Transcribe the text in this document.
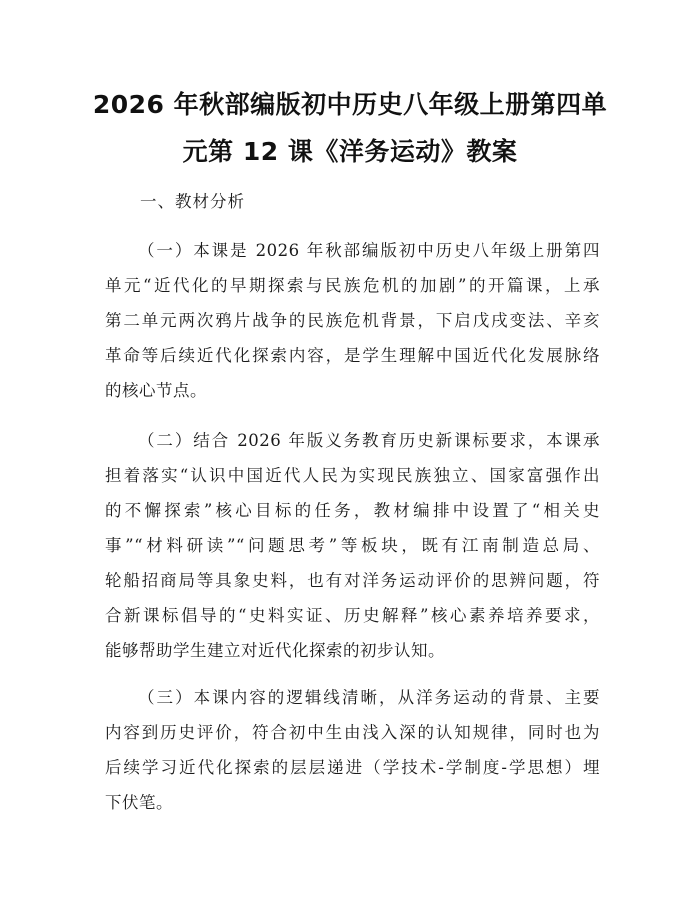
2026 年秋部编版初中历史八年级上册第四单
元第 12 课《洋务运动》教案
一、教材分析
（一）本课是 2026 年秋部编版初中历史八年级上册第四
单元“近代化的早期探索与民族危机的加剧”的开篇课，上承
第二单元两次鸦片战争的民族危机背景，下启戊戌变法、辛亥
革命等后续近代化探索内容，是学生理解中国近代化发展脉络
的核心节点。
（二）结合 2026 年版义务教育历史新课标要求，本课承
担着落实“认识中国近代人民为实现民族独立、国家富强作出
的不懈探索”核心目标的任务，教材编排中设置了“相关史
事”“材料研读”“问题思考”等板块，既有江南制造总局、
轮船招商局等具象史料，也有对洋务运动评价的思辨问题，符
合新课标倡导的“史料实证、历史解释”核心素养培养要求，
能够帮助学生建立对近代化探索的初步认知。
（三）本课内容的逻辑线清晰，从洋务运动的背景、主要
内容到历史评价，符合初中生由浅入深的认知规律，同时也为
后续学习近代化探索的层层递进（学技术-学制度-学思想）埋
下伏笔。
